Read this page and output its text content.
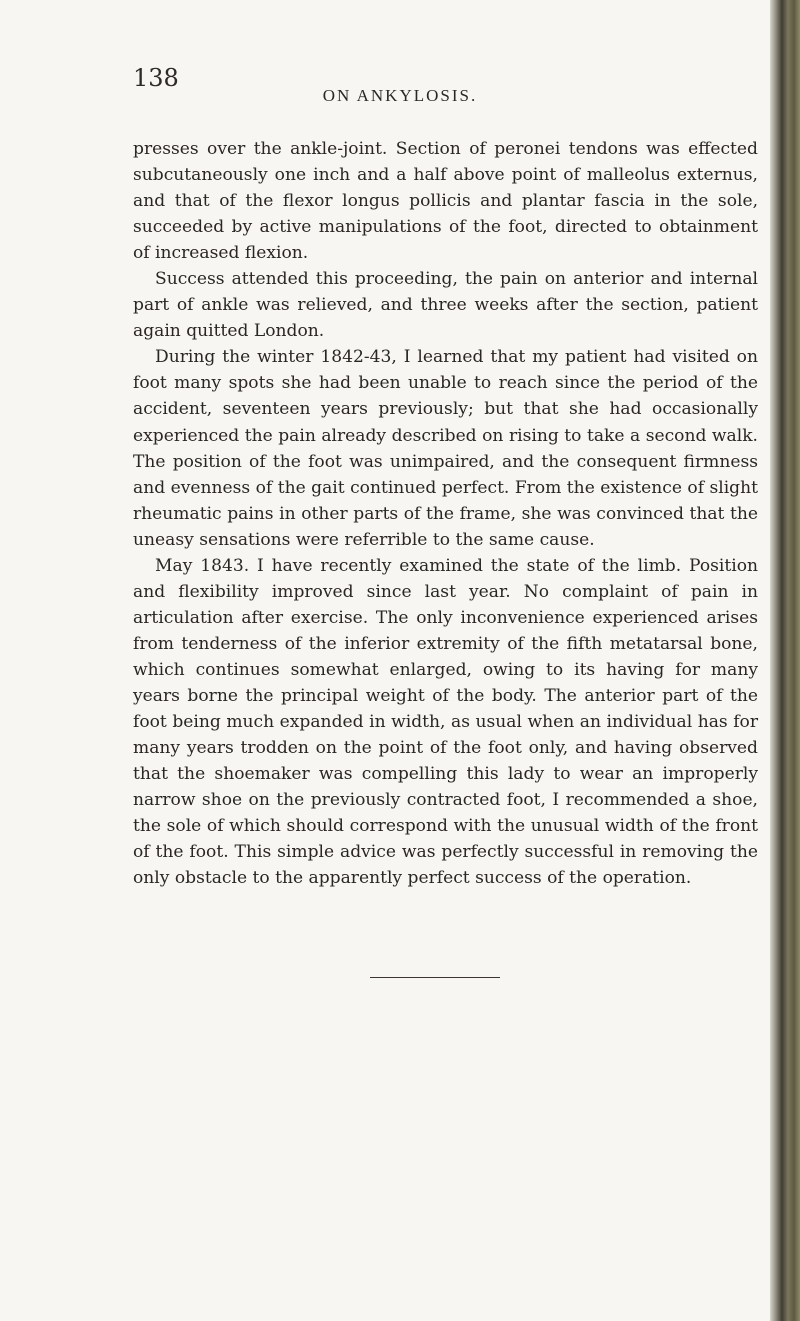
138
ON ANKYLOSIS.

presses over the ankle-joint. Section of peronei tendons was effected subcutaneously one inch and a half above point of malleolus externus, and that of the flexor longus pollicis and plantar fascia in the sole, succeeded by active manipulations of the foot, directed to obtainment of increased flexion.

Success attended this proceeding, the pain on anterior and internal part of ankle was relieved, and three weeks after the section, patient again quitted London.

During the winter 1842-43, I learned that my patient had visited on foot many spots she had been unable to reach since the period of the accident, seventeen years previously; but that she had occasionally experienced the pain already described on rising to take a second walk. The position of the foot was unimpaired, and the consequent firmness and evenness of the gait continued perfect. From the existence of slight rheumatic pains in other parts of the frame, she was convinced that the uneasy sensations were referrible to the same cause.

May 1843. I have recently examined the state of the limb. Position and flexibility improved since last year. No complaint of pain in articulation after exercise. The only inconvenience experienced arises from tenderness of the inferior extremity of the fifth metatarsal bone, which continues somewhat enlarged, owing to its having for many years borne the principal weight of the body. The anterior part of the foot being much expanded in width, as usual when an individual has for many years trodden on the point of the foot only, and having observed that the shoemaker was compelling this lady to wear an improperly narrow shoe on the previously contracted foot, I recommended a shoe, the sole of which should correspond with the unusual width of the front of the foot. This simple advice was perfectly successful in removing the only obstacle to the apparently perfect success of the operation.
